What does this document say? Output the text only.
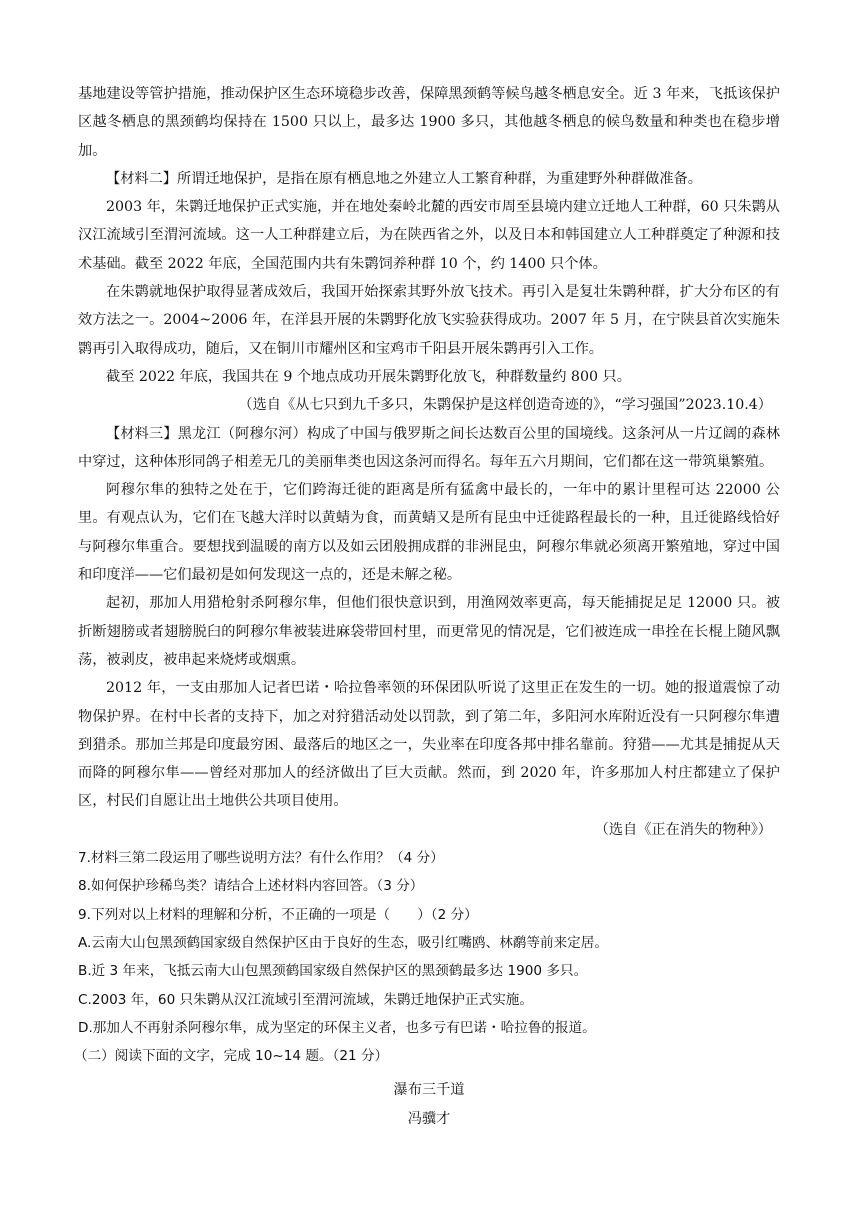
基地建设等管护措施，推动保护区生态环境稳步改善，保障黑颈鹤等候鸟越冬栖息安全。近 3 年来，飞抵该保护区越冬栖息的黑颈鹤均保持在 1500 只以上，最多达 1900 多只，其他越冬栖息的候鸟数量和种类也在稳步增加。

【材料二】所谓迁地保护，是指在原有栖息地之外建立人工繁育种群，为重建野外种群做准备。

2003 年，朱鹮迁地保护正式实施，并在地处秦岭北麓的西安市周至县境内建立迁地人工种群，60 只朱鹮从汉江流域引至渭河流域。这一人工种群建立后，为在陕西省之外，以及日本和韩国建立人工种群奠定了种源和技术基础。截至 2022 年底，全国范围内共有朱鹮饲养种群 10 个，约 1400 只个体。

在朱鹮就地保护取得显著成效后，我国开始探索其野外放飞技术。再引入是复壮朱鹮种群，扩大分布区的有效方法之一。2004~2006 年，在洋县开展的朱鹮野化放飞实验获得成功。2007 年 5 月，在宁陕县首次实施朱鹮再引入取得成功，随后，又在铜川市耀州区和宝鸡市千阳县开展朱鹮再引入工作。

截至 2022 年底，我国共在 9 个地点成功开展朱鹮野化放飞，种群数量约 800 只。

（选自《从七只到九千多只，朱鹮保护是这样创造奇迹的》，“学习强国”2023.10.4）

【材料三】黑龙江（阿穆尔河）构成了中国与俄罗斯之间长达数百公里的国境线。这条河从一片辽阔的森林中穿过，这种体形同鸽子相差无几的美丽隼类也因这条河而得名。每年五六月期间，它们都在这一带筑巢繁殖。

阿穆尔隼的独特之处在于，它们跨海迁徙的距离是所有猛禽中最长的，一年中的累计里程可达 22000 公里。有观点认为，它们在飞越大洋时以黄蜻为食，而黄蜻又是所有昆虫中迁徙路程最长的一种，且迁徙路线恰好与阿穆尔隼重合。要想找到温暖的南方以及如云团般拥成群的非洲昆虫，阿穆尔隼就必须离开繁殖地，穿过中国和印度洋——它们最初是如何发现这一点的，还是未解之秘。

起初，那加人用猎枪射杀阿穆尔隼，但他们很快意识到，用渔网效率更高，每天能捕捉足足 12000 只。被折断翅膀或者翅膀脱臼的阿穆尔隼被装进麻袋带回村里，而更常见的情况是，它们被连成一串拴在长棍上随风飘荡，被剥皮，被串起来烧烤或烟熏。

2012 年，一支由那加人记者巴诺・哈拉鲁率领的环保团队听说了这里正在发生的一切。她的报道震惊了动物保护界。在村中长者的支持下，加之对狩猎活动处以罚款，到了第二年，多阳河水库附近没有一只阿穆尔隼遭到猎杀。那加兰邦是印度最穷困、最落后的地区之一，失业率在印度各邦中排名靠前。狩猎——尤其是捕捉从天而降的阿穆尔隼——曾经对那加人的经济做出了巨大贡献。然而，到 2020 年，许多那加人村庄都建立了保护区，村民们自愿让出土地供公共项目使用。

（选自《正在消失的物种》）

7.材料三第二段运用了哪些说明方法？有什么作用？（4 分）

8.如何保护珍稀鸟类？请结合上述材料内容回答。（3 分）

9.下列对以上材料的理解和分析，不正确的一项是（　　）（2 分）

A.云南大山包黑颈鹤国家级自然保护区由于良好的生态，吸引红嘴鸥、林鹬等前来定居。

B.近 3 年来，飞抵云南大山包黑颈鹤国家级自然保护区的黑颈鹤最多达 1900 多只。

C.2003 年，60 只朱鹮从汉江流域引至渭河流域，朱鹮迁地保护正式实施。

D.那加人不再射杀阿穆尔隼，成为坚定的环保主义者，也多亏有巴诺・哈拉鲁的报道。

（二）阅读下面的文字，完成 10~14 题。（21 分）

瀑布三千道

冯骥才
